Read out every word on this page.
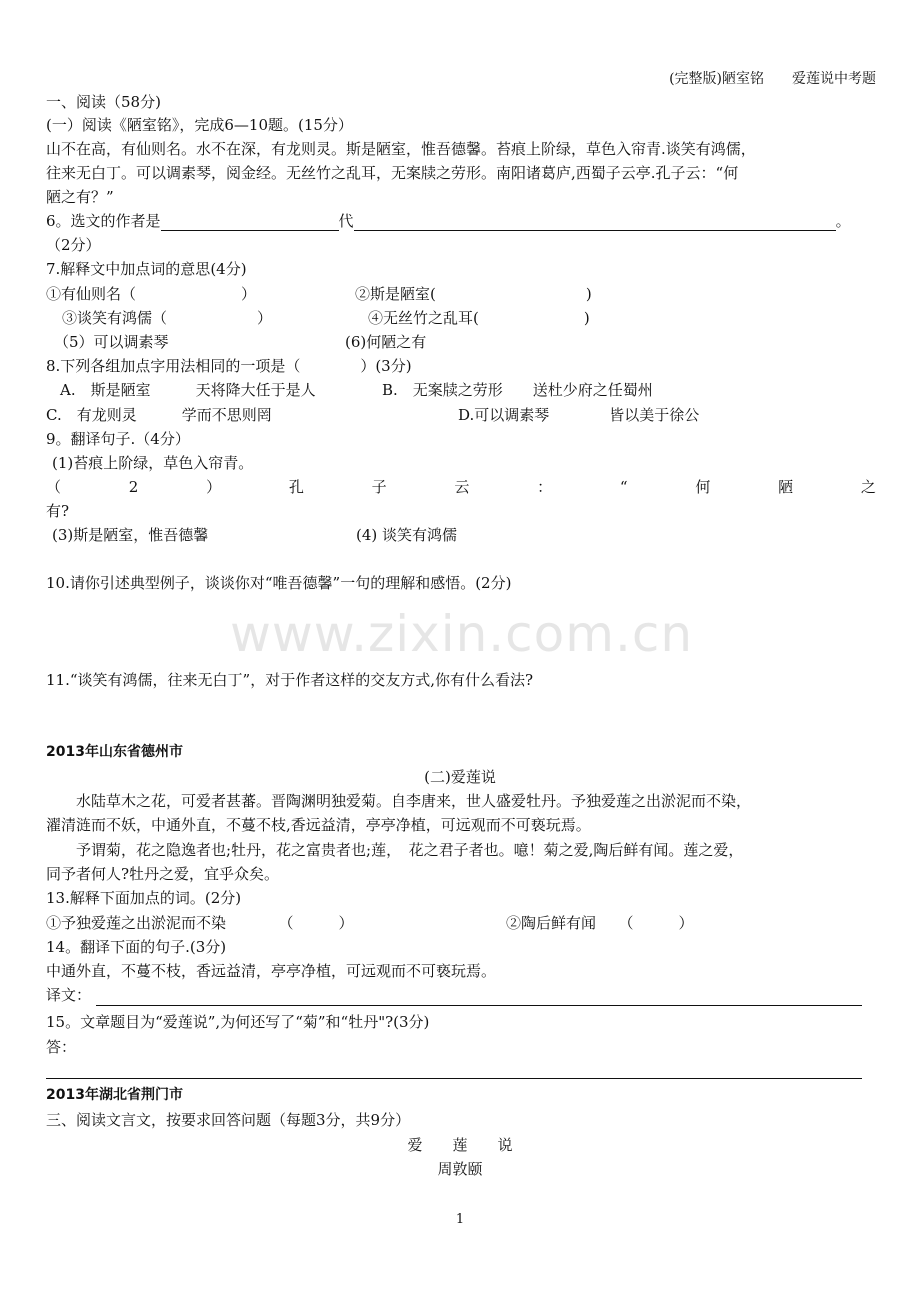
(完整版)陋室铭　　爱莲说中考题
www.zixin.com.cn
一、阅读（58分)
(一）阅读《陋室铭》，完成6—10题。(15分）
山不在高，有仙则名。水不在深，有龙则灵。斯是陋室，惟吾德馨。苔痕上阶绿，草色入帘青.谈笑有鸿儒，
往来无白丁。可以调素琴，阅金经。无丝竹之乱耳，无案牍之劳形。南阳诸葛庐,西蜀子云亭.孔子云：“何
陋之有？”
6。选文的作者是	代	。
（2分）
7.解释文中加点词的意思(4分)
①有仙则名（　　　　　　　）	②斯是陋室(　　　　　　　　　　)
③谈笑有鸿儒（　　　　　　）	④无丝竹之乱耳(　　　　　　　)
（5）可以调素琴	(6)何陋之有
8.下列各组加点字用法相同的一项是（　　　　）(3分)
A.　斯是陋室　　　天将降大任于是人	B.　无案牍之劳形　　送杜少府之任蜀州
C.　有龙则灵　　　学而不思则罔	D.可以调素琴　　　　皆以美于徐公
9。翻译句子.（4分）
(1)苔痕上阶绿，草色入帘青。
（	2	）	孔	子	云	：	“	何	陋	之
有?
(3)斯是陋室，惟吾德馨	(4) 谈笑有鸿儒
10.请你引述典型例子，谈谈你对“唯吾德馨”一句的理解和感悟。(2分)
11.“谈笑有鸿儒，往来无白丁”，对于作者这样的交友方式,你有什么看法?
2013年山东省德州市
(二)爱莲说
　　水陆草木之花，可爱者甚蕃。晋陶渊明独爱菊。自李唐来，世人盛爱牡丹。予独爱莲之出淤泥而不染，
濯清涟而不妖，中通外直，不蔓不枝,香远益清，亭亭净植，可远观而不可亵玩焉。
　　予谓菊，花之隐逸者也;牡丹，花之富贵者也;莲，　花之君子者也。噫！菊之爱,陶后鲜有闻。莲之爱，
同予者何人?牡丹之爱，宜乎众矣。
13.解释下面加点的词。(2分)
①予独爱莲之出淤泥而不染　　　　（　　　）	②陶后鲜有闻　　（　　　）
14。翻译下面的句子.(3分)
中通外直，不蔓不枝，香远益清，亭亭净植，可远观而不可亵玩焉。
译文：
15。文章题目为“爱莲说”,为何还写了“菊”和“牡丹"?(3分)
答：
2013年湖北省荆门市
三、阅读文言文，按要求回答问题（每题3分，共9分）
爱　　莲　　说
周敦颐
1
